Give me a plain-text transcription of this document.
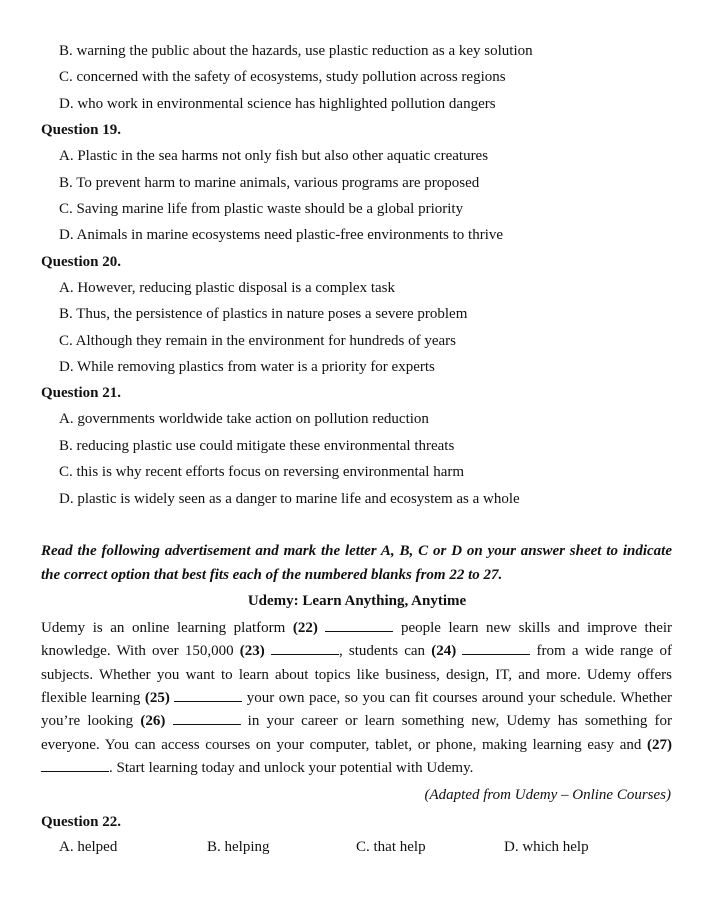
B. warning the public about the hazards, use plastic reduction as a key solution
C. concerned with the safety of ecosystems, study pollution across regions
D. who work in environmental science has highlighted pollution dangers
Question 19.
A. Plastic in the sea harms not only fish but also other aquatic creatures
B. To prevent harm to marine animals, various programs are proposed
C. Saving marine life from plastic waste should be a global priority
D. Animals in marine ecosystems need plastic-free environments to thrive
Question 20.
A. However, reducing plastic disposal is a complex task
B. Thus, the persistence of plastics in nature poses a severe problem
C. Although they remain in the environment for hundreds of years
D. While removing plastics from water is a priority for experts
Question 21.
A. governments worldwide take action on pollution reduction
B. reducing plastic use could mitigate these environmental threats
C. this is why recent efforts focus on reversing environmental harm
D. plastic is widely seen as a danger to marine life and ecosystem as a whole
Read the following advertisement and mark the letter A, B, C or D on your answer sheet to indicate
the correct option that best fits each of the numbered blanks from 22 to 27.
Udemy: Learn Anything, Anytime
Udemy is an online learning platform (22)	people learn new skills and improve their
knowledge. With over 150,000 (23)	, students can (24)	from a wide range of
subjects. Whether you want to learn about topics like business, design, IT, and more. Udemy offers
flexible learning (25)	your own pace, so you can fit courses around your schedule. Whether
you’re looking (26)	in your career or learn something new, Udemy has something for
everyone. You can access courses on your computer, tablet, or phone, making learning easy and (27)
. Start learning today and unlock your potential with Udemy.
(Adapted from Udemy – Online Courses)
Question 22.
A. helped	B. helping	C. that help	D. which help
